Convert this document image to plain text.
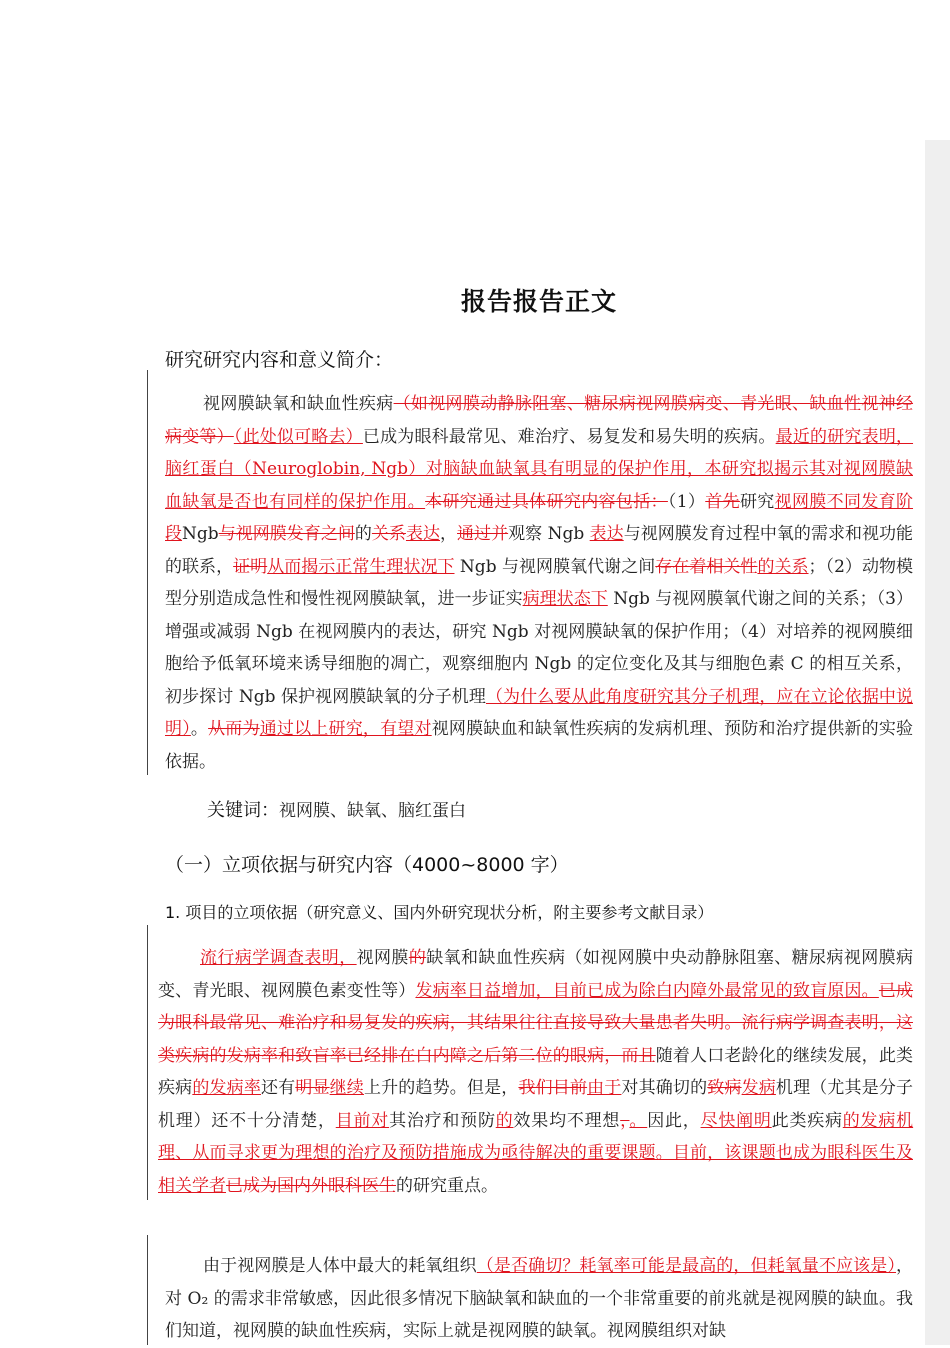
报告报告正文
研究研究内容和意义简介：

视网膜缺氧和缺血性疾病（如视网膜动静脉阻塞、糖尿病视网膜病变、青光眼、缺血性视神经病变等）（此处似可略去）已成为眼科最常见、难治疗、易复发和易失明的疾病。最近的研究表明，脑红蛋白（Neuroglobin, Ngb）对脑缺血缺氧具有明显的保护作用，本研究拟揭示其对视网膜缺血缺氧是否也有同样的保护作用。本研究通过具体研究内容包括：（1）首先研究视网膜不同发育阶段Ngb与视网膜发育之间的关系表达，通过并观察 Ngb 表达与视网膜发育过程中氧的需求和视功能的联系，证明从而揭示正常生理状况下 Ngb 与视网膜氧代谢之间存在着相关性的关系；（2）动物模型分别造成急性和慢性视网膜缺氧，进一步证实病理状态下 Ngb 与视网膜氧代谢之间的关系；（3）增强或减弱 Ngb 在视网膜内的表达，研究 Ngb 对视网膜缺氧的保护作用；（4）对培养的视网膜细胞给予低氧环境来诱导细胞的凋亡，观察细胞内 Ngb 的定位变化及其与细胞色素 C 的相互关系，初步探讨 Ngb 保护视网膜缺氧的分子机理（为什么要从此角度研究其分子机理，应在立论依据中说明）。从而为通过以上研究，有望对视网膜缺血和缺氧性疾病的发病机理、预防和治疗提供新的实验依据。

关键词：视网膜、缺氧、脑红蛋白
（一）立项依据与研究内容（4000~8000 字）
1. 项目的立项依据（研究意义、国内外研究现状分析，附主要参考文献目录）

流行病学调查表明，视网膜的缺氧和缺血性疾病（如视网膜中央动静脉阻塞、糖尿病视网膜病变、青光眼、视网膜色素变性等）发病率日益增加，目前已成为除白内障外最常见的致盲原因。已成为眼科最常见、难治疗和易复发的疾病，其结果往往直接导致大量患者失明。流行病学调查表明，这类疾病的发病率和致盲率已经排在白内障之后第二位的眼病，而且随着人口老龄化的继续发展，此类疾病的发病率还有明显继续上升的趋势。但是，我们目前由于对其确切的致病发病机理（尤其是分子机理）还不十分清楚，目前对其治疗和预防的效果均不理想，。因此，尽快阐明此类疾病的发病机理、从而寻求更为理想的治疗及预防措施成为亟待解决的重要课题。目前，该课题也成为眼科医生及相关学者已成为国内外眼科医生的研究重点。

由于视网膜是人体中最大的耗氧组织（是否确切？耗氧率可能是最高的，但耗氧量不应该是），对 O₂ 的需求非常敏感，因此很多情况下脑缺氧和缺血的一个非常重要的前兆就是视网膜的缺血。我们知道，视网膜的缺血性疾病，实际上就是视网膜的缺氧。视网膜组织对缺
